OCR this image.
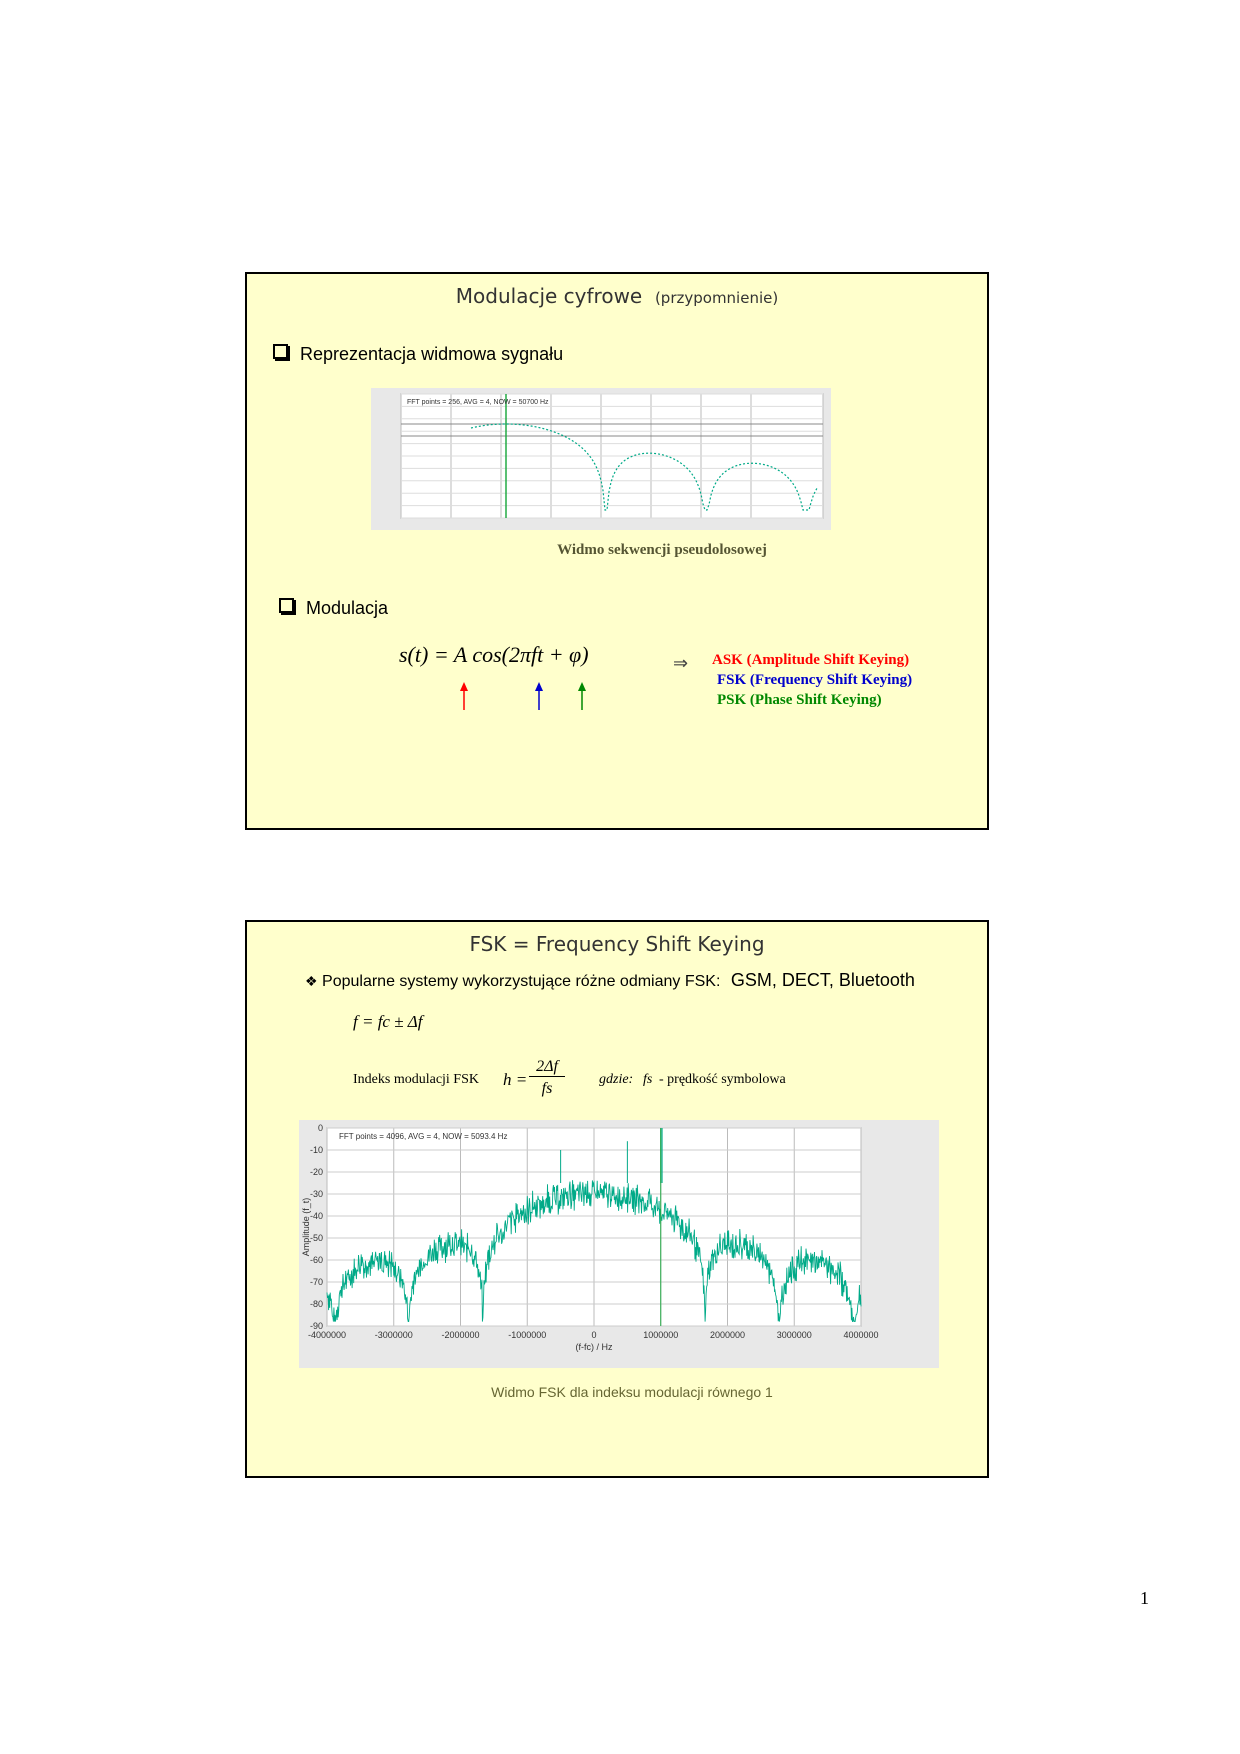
Modulacje cyfrowe (przypomnienie)
Reprezentacja widmowa sygnału
FFT points = 256, AVG = 4, NOW = 50700 Hz
Widmo sekwencji pseudolosowej
Modulacja
s(t) = A cos(2πft + φ)	⇒ ASK (Amplitude Shift Keying)
FSK (Frequency Shift Keying)
PSK (Phase Shift Keying)
FSK = Frequency Shift Keying
❖ Popularne systemy wykorzystujące różne odmiany FSK: GSM, DECT, Bluetooth
f = fc ± Δf
Indeks modulacji FSK h =
2Δf
fs
gdzie: fs - prędkość symbolowa
-4000000	-3000000	-2000000	-1000000	0	1000000	2000000	3000000	4000000
0
-10
-20
-30
-40
-50
-60
-70
-80
-90
(f-fc) / Hz
Amplitude (f_t)
FFT points = 4096, AVG = 4, NOW = 5093.4 Hz
Widmo FSK dla indeksu modulacji równego 1
1
